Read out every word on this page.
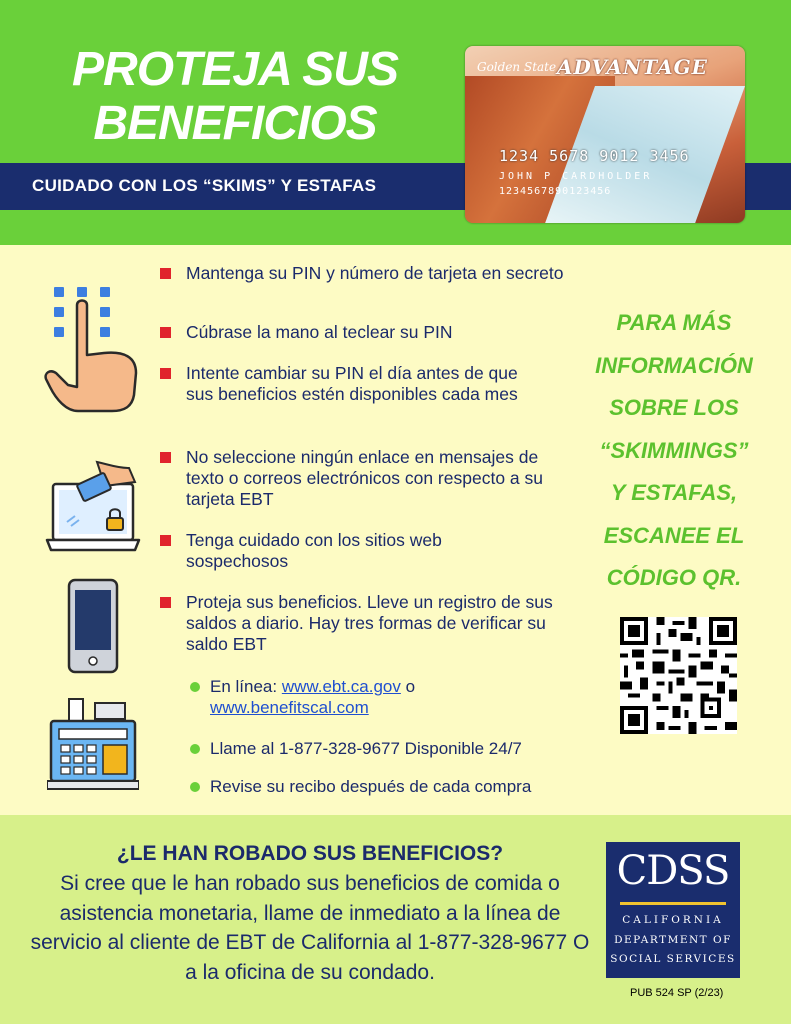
PROTEJA SUS
BENEFICIOS
CUIDADO CON LOS “SKIMS” Y ESTAFAS
Golden State ADVANTAGE
1234 5678 9012 3456
JOHN P CARDHOLDER
1234567890123456
Mantenga su PIN y número de tarjeta en secreto
Cúbrase la mano al teclear su PIN
Intente cambiar su PIN el día antes de que sus beneficios estén disponibles cada mes
No seleccione ningún enlace en mensajes de texto o correos electrónicos con respecto a su tarjeta EBT
Tenga cuidado con los sitios web sospechosos
Proteja sus beneficios. Lleve un registro de sus saldos a diario. Hay tres formas de verificar su saldo EBT
En línea: www.ebt.ca.gov o
www.benefitscal.com
Llame al 1-877-328-9677 Disponible 24/7
Revise su recibo después de cada compra
PARA MÁS
INFORMACIÓN
SOBRE LOS
“SKIMMINGS”
Y ESTAFAS,
ESCANEE EL
CÓDIGO QR.
¿LE HAN ROBADO SUS BENEFICIOS?
Si cree que le han robado sus beneficios de comida o asistencia monetaria, llame de inmediato a la línea de servicio al cliente de EBT de California al 1-877-328-9677 O a la oficina de su condado.
CDSS
CALIFORNIA
DEPARTMENT OF
SOCIAL SERVICES
PUB 524 SP (2/23)
